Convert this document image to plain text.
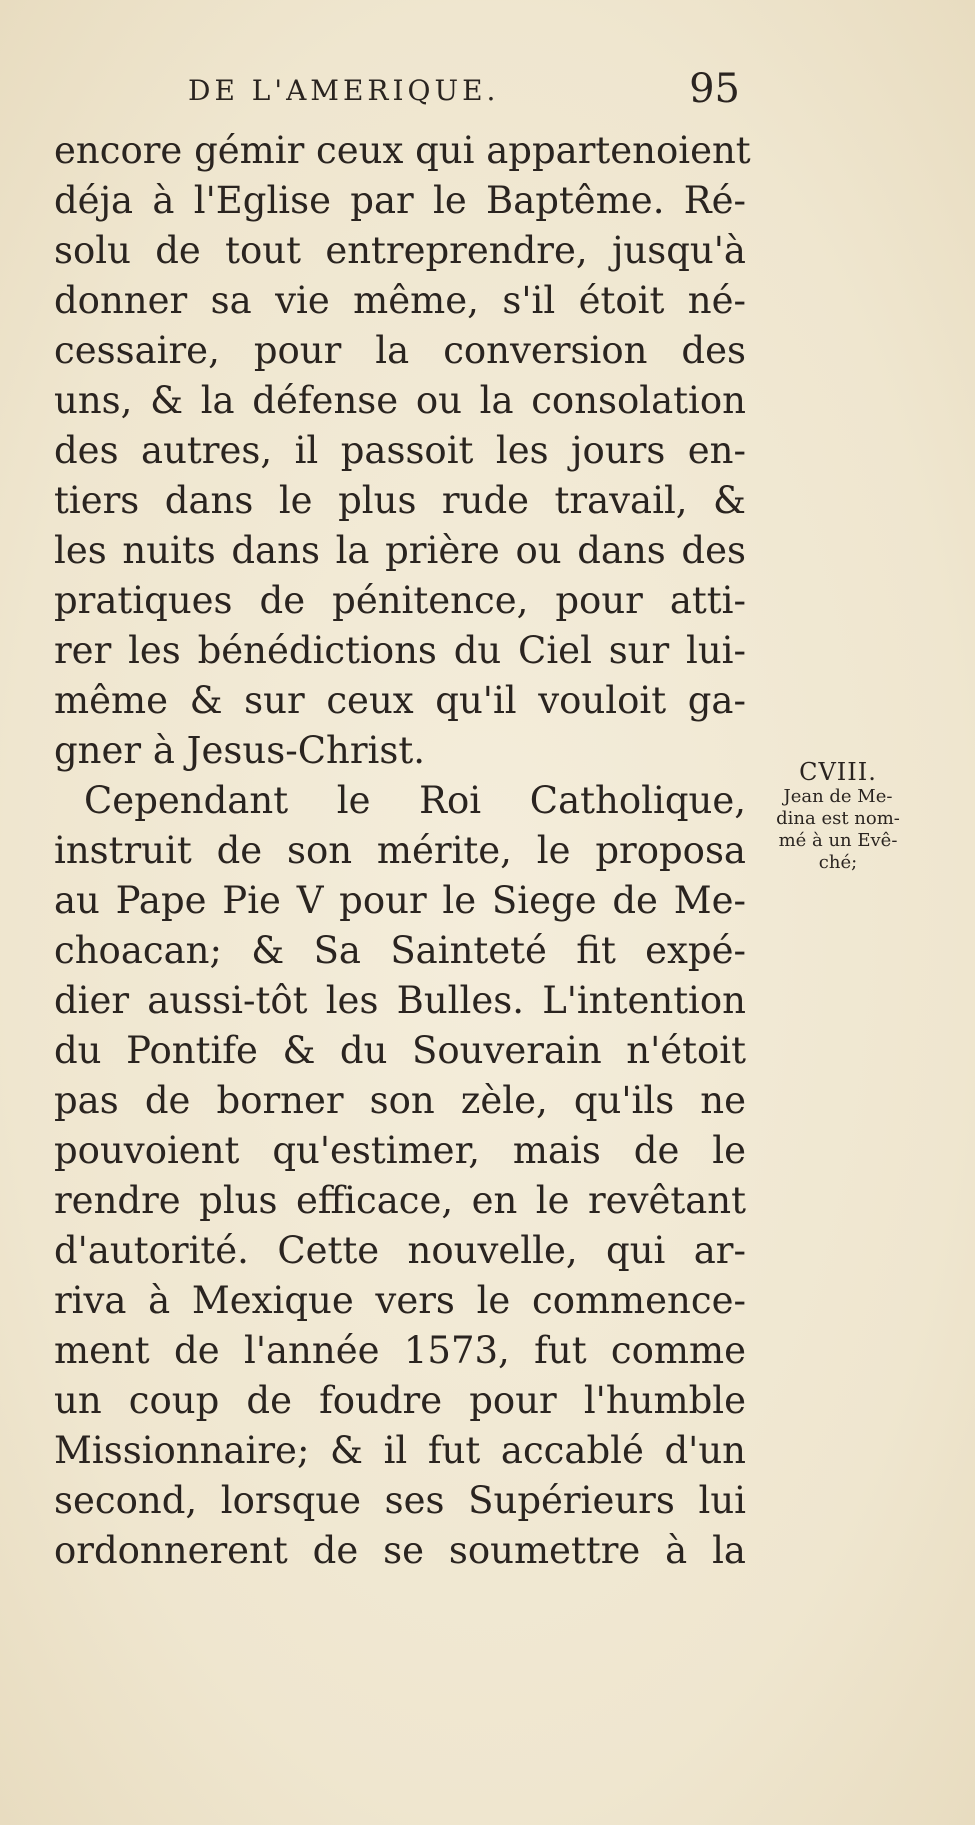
DE L'AMERIQUE.	95
encore gémir ceux qui appartenoient
déja à l'Eglise par le Baptême. Ré-
solu de tout entreprendre, jusqu'à
donner sa vie même, s'il étoit né-
cessaire, pour la conversion des
uns, & la défense ou la consolation
des autres, il passoit les jours en-
tiers dans le plus rude travail, &
les nuits dans la prière ou dans des
pratiques de pénitence, pour atti-
rer les bénédictions du Ciel sur lui-
même & sur ceux qu'il vouloit ga-
gner à Jesus-Christ.
Cependant le Roi Catholique,
instruit de son mérite, le proposa
au Pape Pie V pour le Siege de Me-
choacan; & Sa Sainteté fit expé-
dier aussi-tôt les Bulles. L'intention
du Pontife & du Souverain n'étoit
pas de borner son zèle, qu'ils ne
pouvoient qu'estimer, mais de le
rendre plus efficace, en le revêtant
d'autorité. Cette nouvelle, qui ar-
riva à Mexique vers le commence-
ment de l'année 1573, fut comme
un coup de foudre pour l'humble
Missionnaire; & il fut accablé d'un
second, lorsque ses Supérieurs lui
ordonnerent de se soumettre à la
CVIII.
Jean de Me-
dina est nom-
mé à un Evê-
ché;
